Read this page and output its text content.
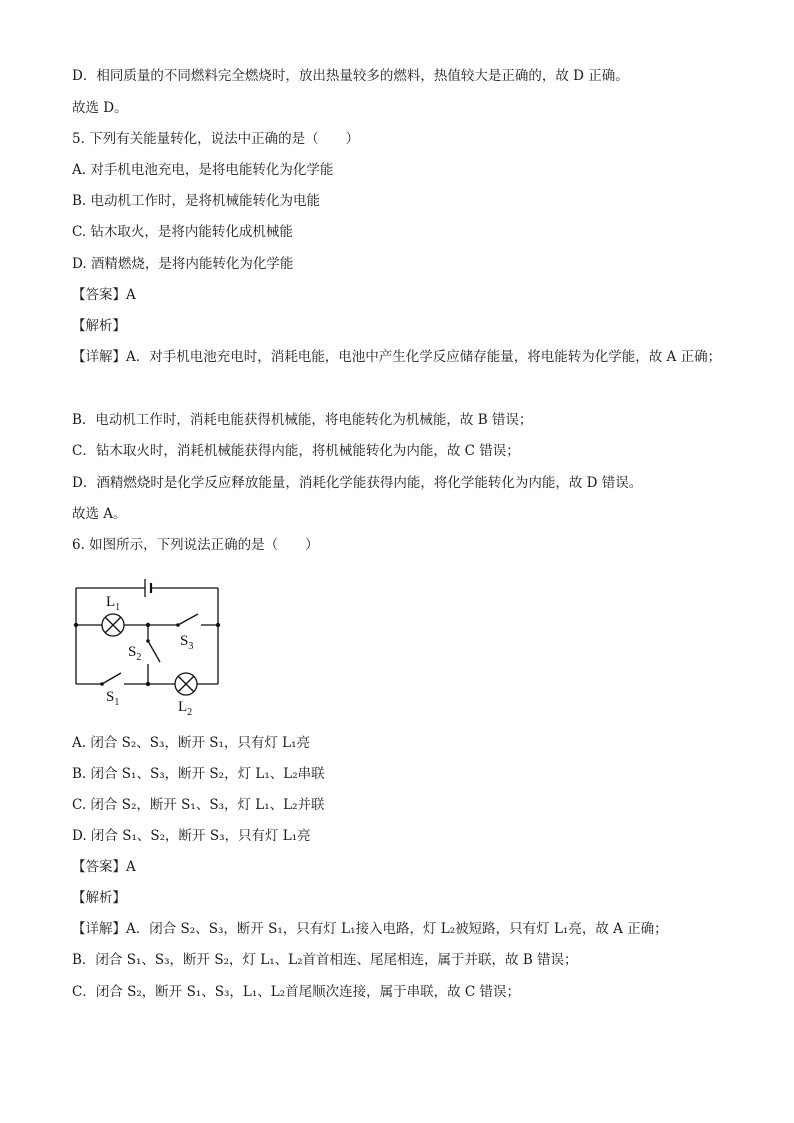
D．相同质量的不同燃料完全燃烧时，放出热量较多的燃料，热值较大是正确的，故 D 正确。
故选 D。
5. 下列有关能量转化，说法中正确的是（　　）
A. 对手机电池充电，是将电能转化为化学能
B. 电动机工作时，是将机械能转化为电能
C. 钻木取火，是将内能转化成机械能
D. 酒精燃烧，是将内能转化为化学能
【答案】A
【解析】
【详解】A．对手机电池充电时，消耗电能，电池中产生化学反应储存能量，将电能转为化学能，故 A 正确；
B．电动机工作时，消耗电能获得机械能，将电能转化为机械能，故 B 错误；
C．钻木取火时，消耗机械能获得内能，将机械能转化为内能，故 C 错误；
D．酒精燃烧时是化学反应释放能量，消耗化学能获得内能，将化学能转化为内能，故 D 错误。
故选 A。
6. 如图所示，下列说法正确的是（　　）
$L_1$
$S_3$
$S_2$
$S_1$	$L_2$
A. 闭合 S₂、S₃，断开 S₁，只有灯 L₁亮
B. 闭合 S₁、S₃，断开 S₂，灯 L₁、L₂串联
C. 闭合 S₂，断开 S₁、S₃，灯 L₁、L₂并联
D. 闭合 S₁、S₂，断开 S₃，只有灯 L₁亮
【答案】A
【解析】
【详解】A．闭合 S₂、S₃，断开 S₁，只有灯 L₁接入电路，灯 L₂被短路，只有灯 L₁亮，故 A 正确；
B．闭合 S₁、S₃，断开 S₂，灯 L₁、L₂首首相连、尾尾相连，属于并联，故 B 错误；
C．闭合 S₂，断开 S₁、S₃，L₁、L₂首尾顺次连接，属于串联，故 C 错误；
